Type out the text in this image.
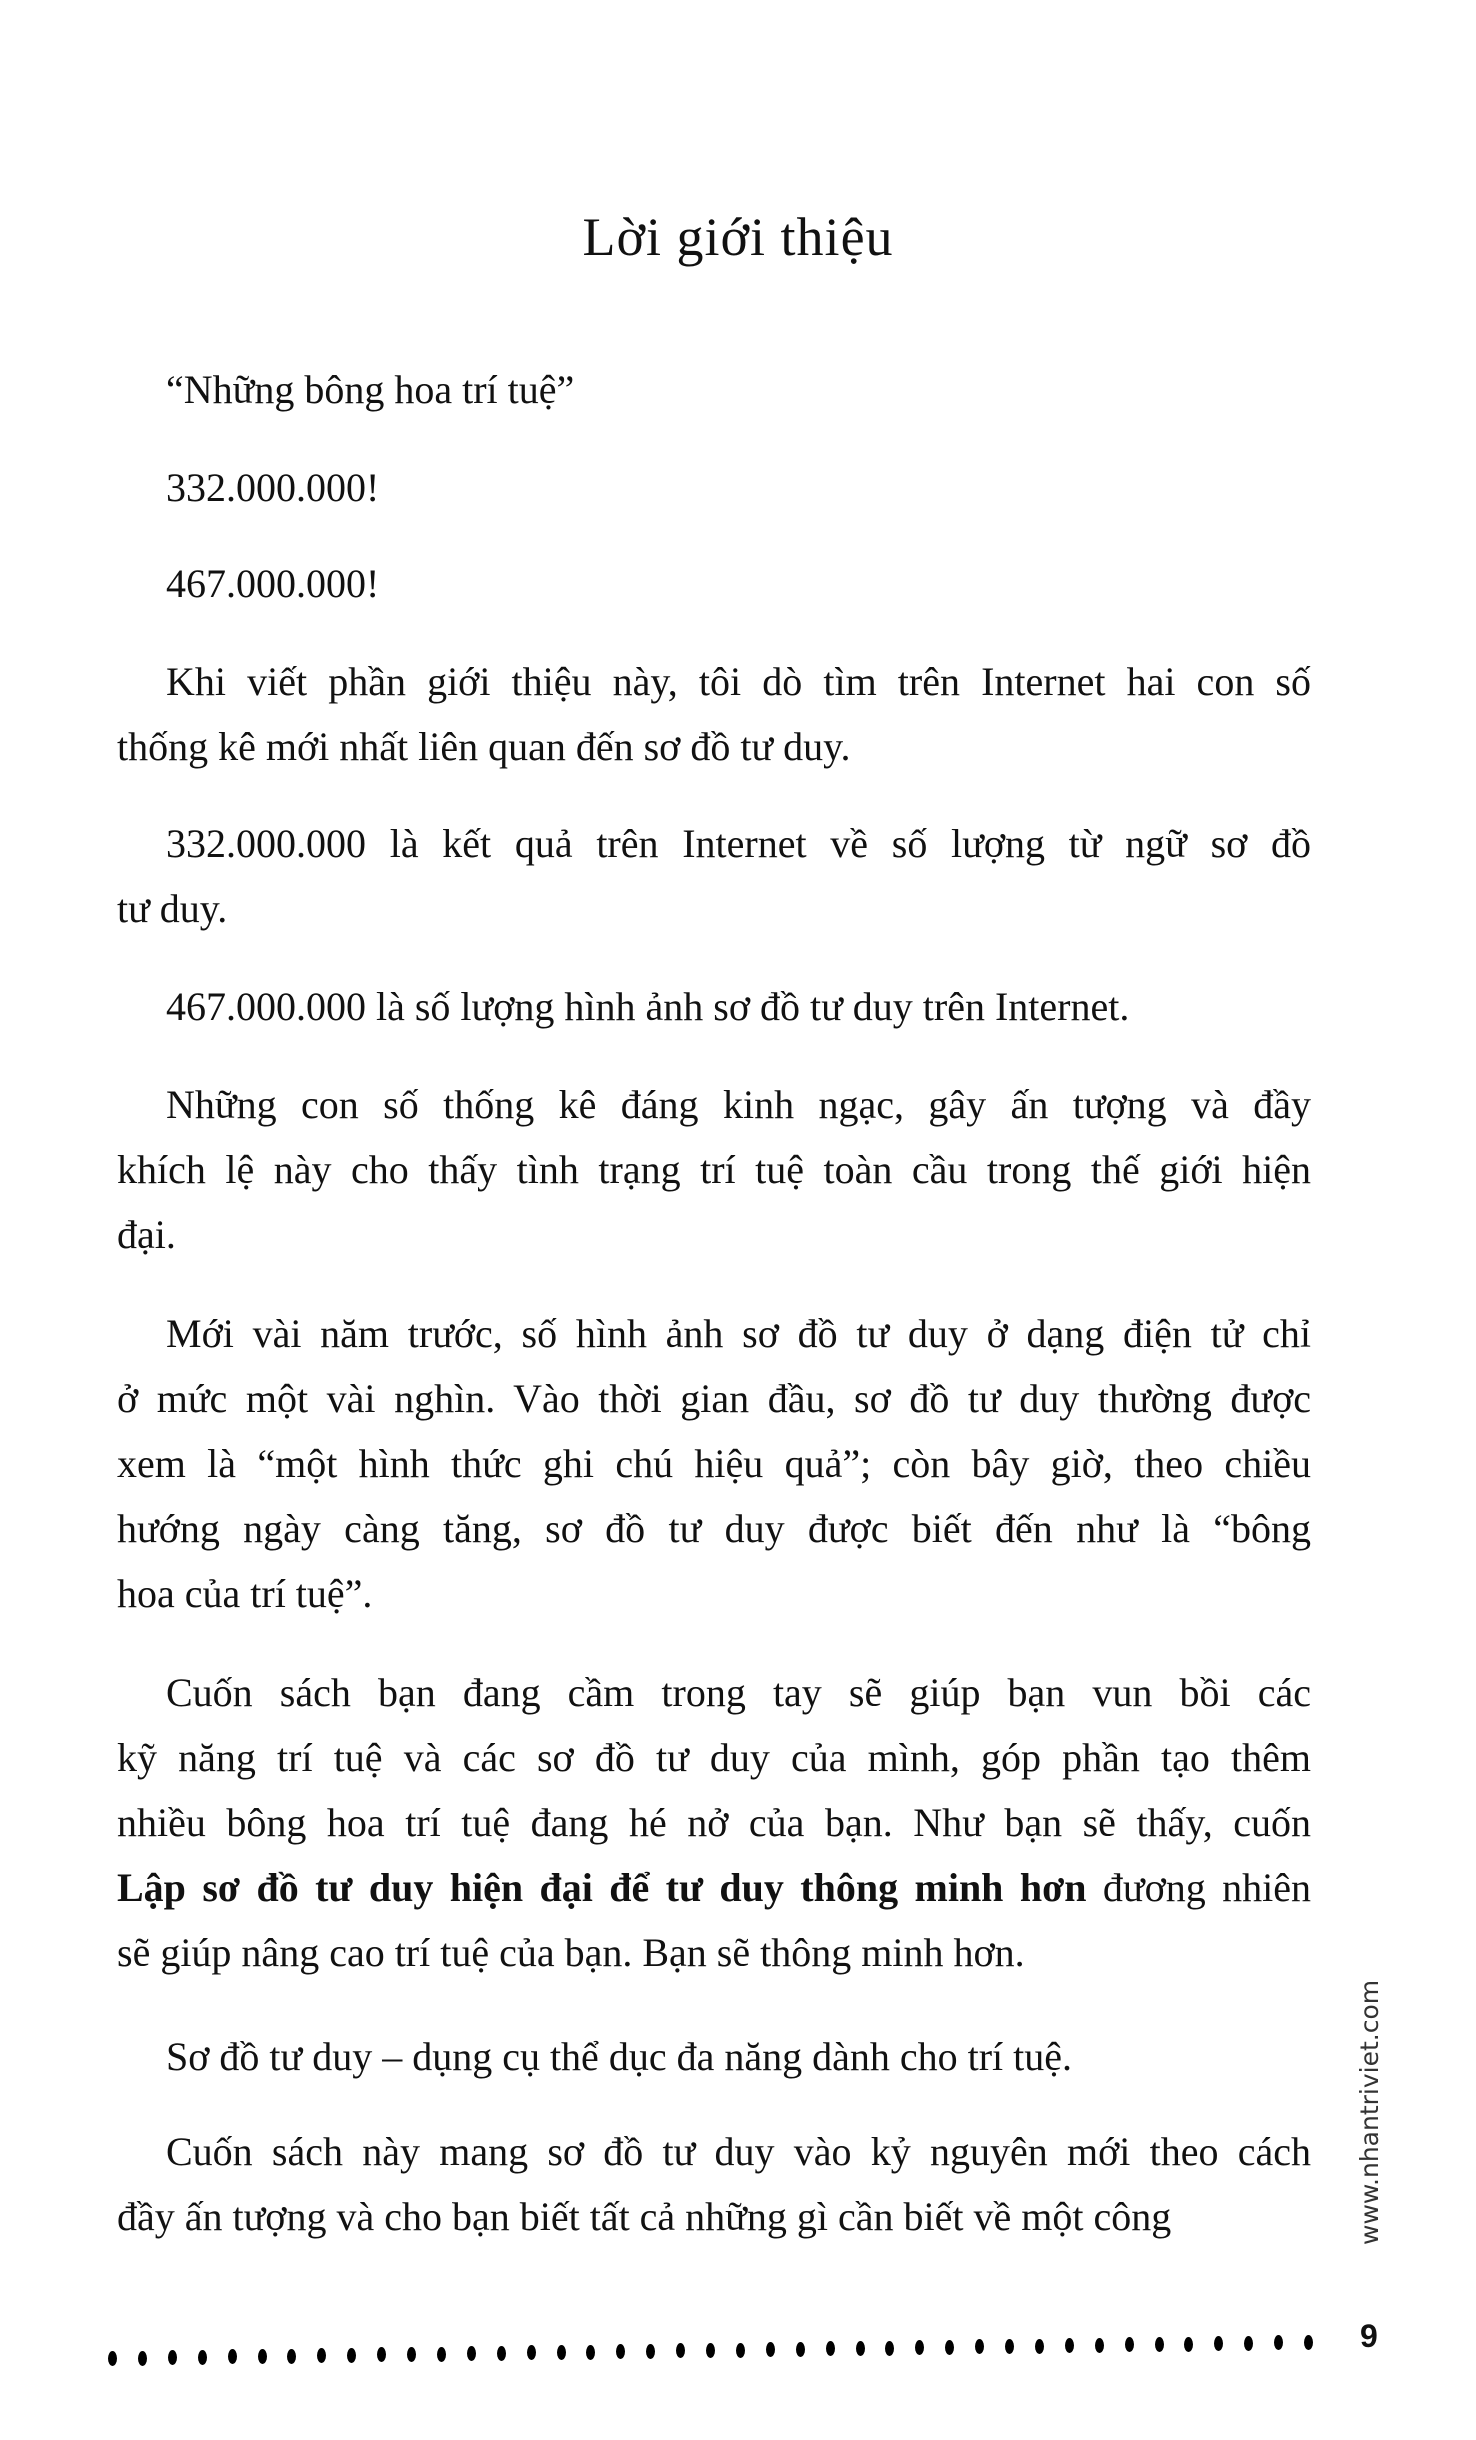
Lời giới thiệu
“Những bông hoa trí tuệ”
332.000.000!
467.000.000!
Khi viết phần giới thiệu này, tôi dò tìm trên Internet hai con số
thống kê mới nhất liên quan đến sơ đồ tư duy.
332.000.000 là kết quả trên Internet về số lượng từ ngữ sơ đồ
tư duy.
467.000.000 là số lượng hình ảnh sơ đồ tư duy trên Internet.
Những con số thống kê đáng kinh ngạc, gây ấn tượng và đầy
khích lệ này cho thấy tình trạng trí tuệ toàn cầu trong thế giới hiện
đại.
Mới vài năm trước, số hình ảnh sơ đồ tư duy ở dạng điện tử chỉ
ở mức một vài nghìn. Vào thời gian đầu, sơ đồ tư duy thường được
xem là “một hình thức ghi chú hiệu quả”; còn bây giờ, theo chiều
hướng ngày càng tăng, sơ đồ tư duy được biết đến như là “bông
hoa của trí tuệ”.
Cuốn sách bạn đang cầm trong tay sẽ giúp bạn vun bồi các
kỹ năng trí tuệ và các sơ đồ tư duy của mình, góp phần tạo thêm
nhiều bông hoa trí tuệ đang hé nở của bạn. Như bạn sẽ thấy, cuốn
Lập sơ đồ tư duy hiện đại để tư duy thông minh hơn đương nhiên
sẽ giúp nâng cao trí tuệ của bạn. Bạn sẽ thông minh hơn.
Sơ đồ tư duy – dụng cụ thể dục đa năng dành cho trí tuệ.
Cuốn sách này mang sơ đồ tư duy vào kỷ nguyên mới theo cách
đầy ấn tượng và cho bạn biết tất cả những gì cần biết về một công
9
www.nhantriviet.com
